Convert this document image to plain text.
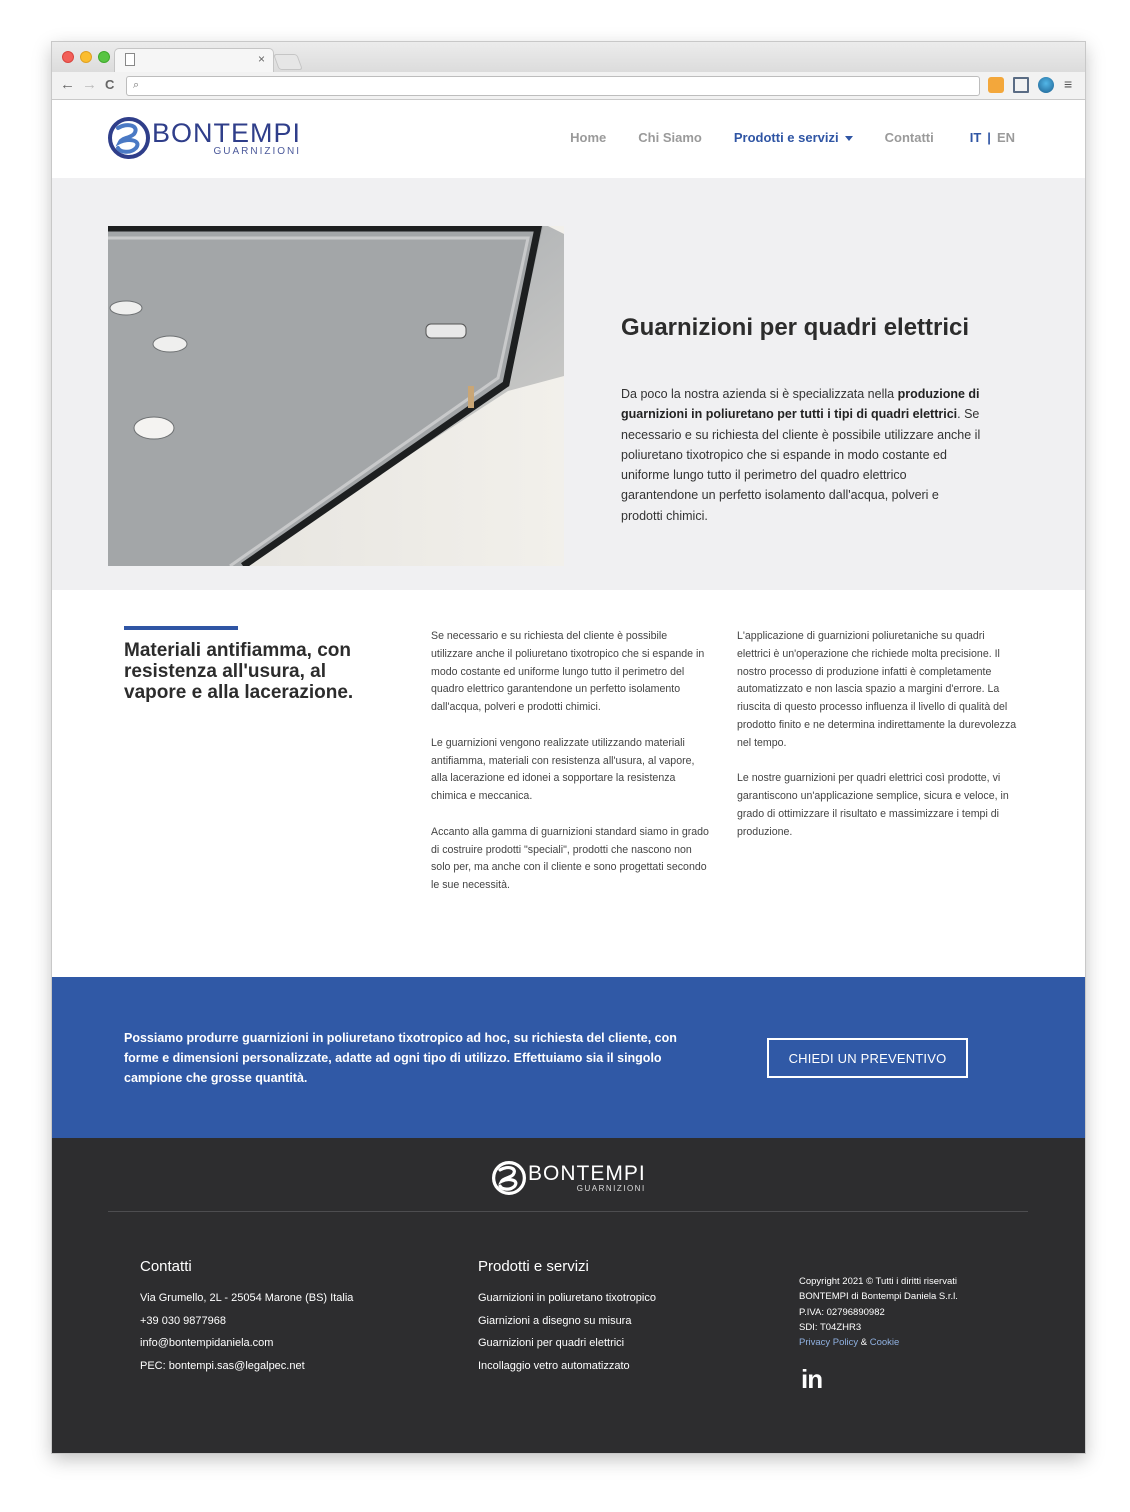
×
← → C ⌕	≡
BONTEMPI
GUARNIZIONI
Home Chi Siamo Prodotti e servizi	Contatti	IT | EN
Guarnizioni per quadri elettrici

Da poco la nostra azienda si è specializzata nella produzione di guarnizioni in poliuretano per tutti i tipi di quadri elettrici. Se necessario e su richiesta del cliente è possibile utilizzare anche il poliuretano tixotropico che si espande in modo costante ed uniforme lungo tutto il perimetro del quadro elettrico garantendone un perfetto isolamento dall'acqua, polveri e prodotti chimici.

Materiali antifiamma, con resistenza all'usura, al vapore e alla lacerazione.

Se necessario e su richiesta del cliente è possibile utilizzare anche il poliuretano tixotropico che si espande in modo costante ed uniforme lungo tutto il perimetro del quadro elettrico garantendone un perfetto isolamento dall'acqua, polveri e prodotti chimici.

Le guarnizioni vengono realizzate utilizzando materiali antifiamma, materiali con resistenza all'usura, al vapore, alla lacerazione ed idonei a sopportare la resistenza chimica e meccanica.

Accanto alla gamma di guarnizioni standard siamo in grado di costruire prodotti "speciali", prodotti che nascono non solo per, ma anche con il cliente e sono progettati secondo le sue necessità.

L'applicazione di guarnizioni poliuretaniche su quadri elettrici è un'operazione che richiede molta precisione. Il nostro processo di produzione infatti è completamente automatizzato e non lascia spazio a margini d'errore. La riuscita di questo processo influenza il livello di qualità del prodotto finito e ne determina indirettamente la durevolezza nel tempo.

Le nostre guarnizioni per quadri elettrici così prodotte, vi garantiscono un'applicazione semplice, sicura e veloce, in grado di ottimizzare il risultato e massimizzare i tempi di produzione.

Possiamo produrre guarnizioni in poliuretano tixotropico ad hoc, su richiesta del cliente, con forme e dimensioni personalizzate, adatte ad ogni tipo di utilizzo. Effettuiamo sia il singolo campione che grosse quantità.

CHIEDI UN PREVENTIVO
BONTEMPI
GUARNIZIONI
Contatti
Via Grumello, 2L - 25054 Marone (BS) Italia
+39 030 9877968
info@bontempidaniela.com
PEC: bontempi.sas@legalpec.net
Prodotti e servizi
Guarnizioni in poliuretano tixotropico
Giarnizioni a disegno su misura
Guarnizioni per quadri elettrici
Incollaggio vetro automatizzato
Copyright 2021 © Tutti i diritti riservati
BONTEMPI di Bontempi Daniela S.r.l.
P.IVA: 02796890982
SDI: T04ZHR3
Privacy Policy & Cookie
in
